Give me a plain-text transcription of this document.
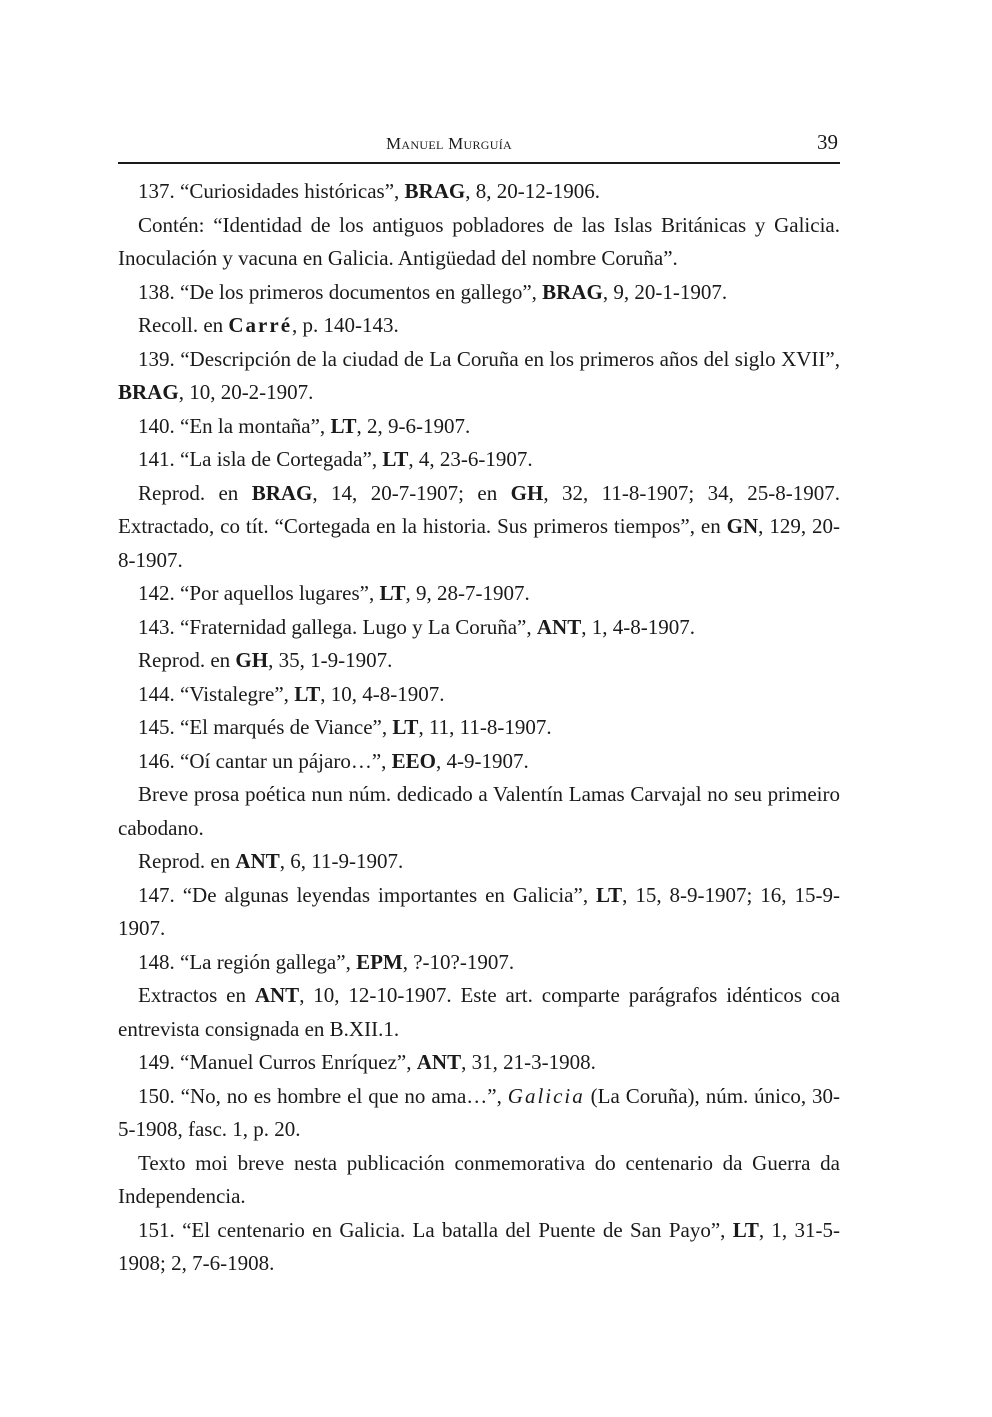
Manuel Murguía	39

137. “Curiosidades históricas”, BRAG, 8, 20-12-1906.

Contén: “Identidad de los antiguos pobladores de las Islas Británicas y Galicia. Inoculación y vacuna en Galicia. Antigüedad del nombre Coruña”.

138. “De los primeros documentos en gallego”, BRAG, 9, 20-1-1907.

Recoll. en Carré, p. 140-143.

139. “Descripción de la ciudad de La Coruña en los primeros años del siglo XVII”, BRAG, 10, 20-2-1907.

140. “En la montaña”, LT, 2, 9-6-1907.

141. “La isla de Cortegada”, LT, 4, 23-6-1907.

Reprod. en BRAG, 14, 20-7-1907; en GH, 32, 11-8-1907; 34, 25-8-1907. Extractado, co tít. “Cortegada en la historia. Sus primeros tiempos”, en GN, 129, 20-8-1907.

142. “Por aquellos lugares”, LT, 9, 28-7-1907.

143. “Fraternidad gallega. Lugo y La Coruña”, ANT, 1, 4-8-1907.

Reprod. en GH, 35, 1-9-1907.

144. “Vistalegre”, LT, 10, 4-8-1907.

145. “El marqués de Viance”, LT, 11, 11-8-1907.

146. “Oí cantar un pájaro…”, EEO, 4-9-1907.

Breve prosa poética nun núm. dedicado a Valentín Lamas Carvajal no seu primeiro cabodano.

Reprod. en ANT, 6, 11-9-1907.

147. “De algunas leyendas importantes en Galicia”, LT, 15, 8-9-1907; 16, 15-9-1907.

148. “La región gallega”, EPM, ?-10?-1907.

Extractos en ANT, 10, 12-10-1907. Este art. comparte parágrafos idénticos coa entrevista consignada en B.XII.1.

149. “Manuel Curros Enríquez”, ANT, 31, 21-3-1908.

150. “No, no es hombre el que no ama…”, Galicia (La Coruña), núm. único, 30-5-1908, fasc. 1, p. 20.

Texto moi breve nesta publicación conmemorativa do centenario da Guerra da Independencia.

151. “El centenario en Galicia. La batalla del Puente de San Payo”, LT, 1, 31-5-1908; 2, 7-6-1908.
